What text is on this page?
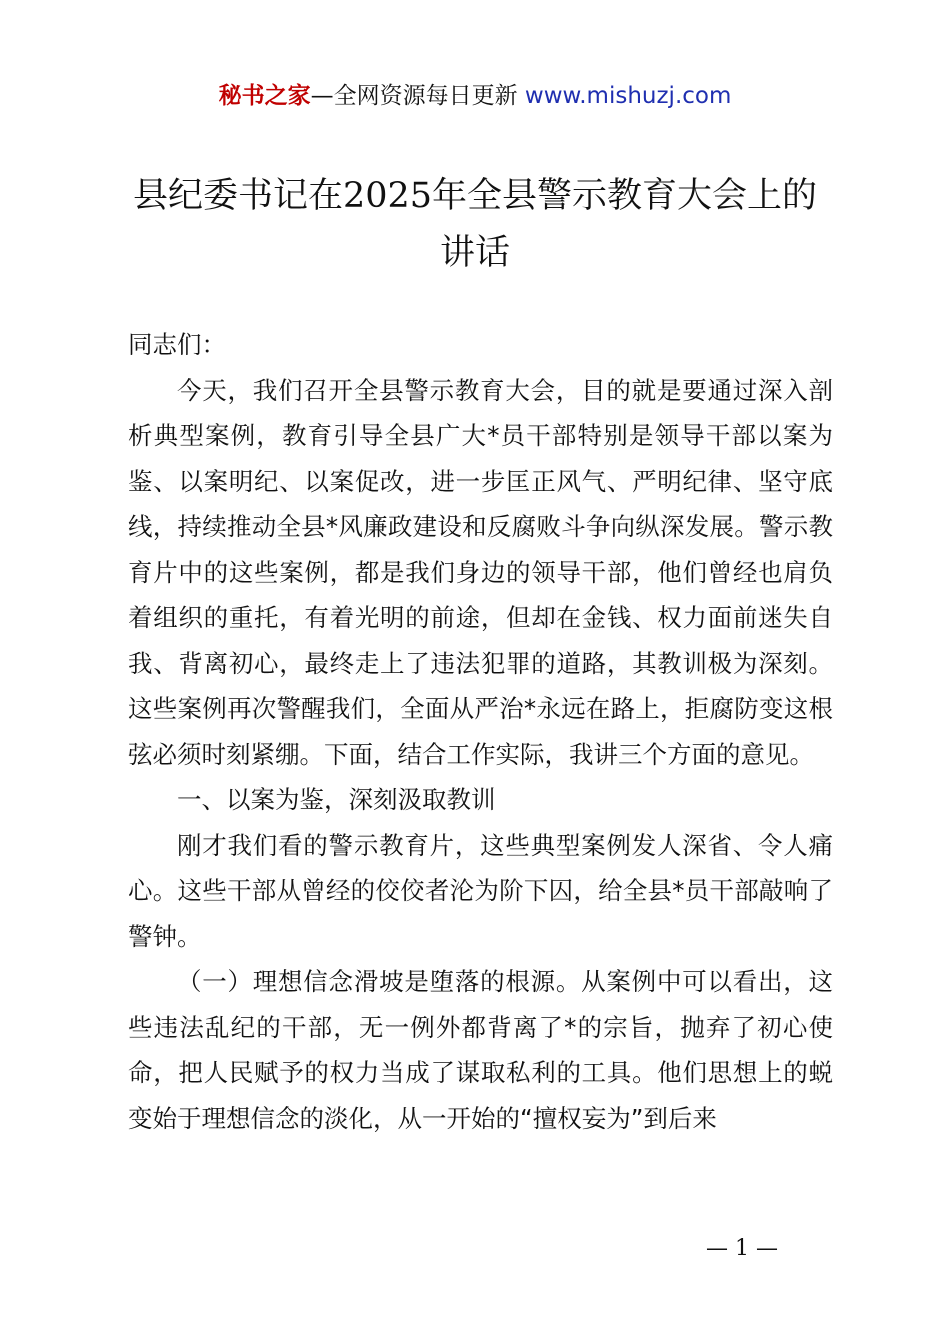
秘书之家—全网资源每日更新 www.mishuzj.com
县纪委书记在2025年全县警示教育大会上的讲话

同志们：

今天，我们召开全县警示教育大会，目的就是要通过深入剖析典型案例，教育引导全县广大*员干部特别是领导干部以案为鉴、以案明纪、以案促改，进一步匡正风气、严明纪律、坚守底线，持续推动全县*风廉政建设和反腐败斗争向纵深发展。警示教育片中的这些案例，都是我们身边的领导干部，他们曾经也肩负着组织的重托，有着光明的前途，但却在金钱、权力面前迷失自我、背离初心，最终走上了违法犯罪的道路，其教训极为深刻。这些案例再次警醒我们，全面从严治*永远在路上，拒腐防变这根弦必须时刻紧绷。下面，结合工作实际，我讲三个方面的意见。

一、以案为鉴，深刻汲取教训

刚才我们看的警示教育片，这些典型案例发人深省、令人痛心。这些干部从曾经的佼佼者沦为阶下囚，给全县*员干部敲响了警钟。

（一）理想信念滑坡是堕落的根源。从案例中可以看出，这些违法乱纪的干部，无一例外都背离了*的宗旨，抛弃了初心使命，把人民赋予的权力当成了谋取私利的工具。他们思想上的蜕变始于理想信念的淡化，从一开始的“擅权妄为”到后来

— 1 —
